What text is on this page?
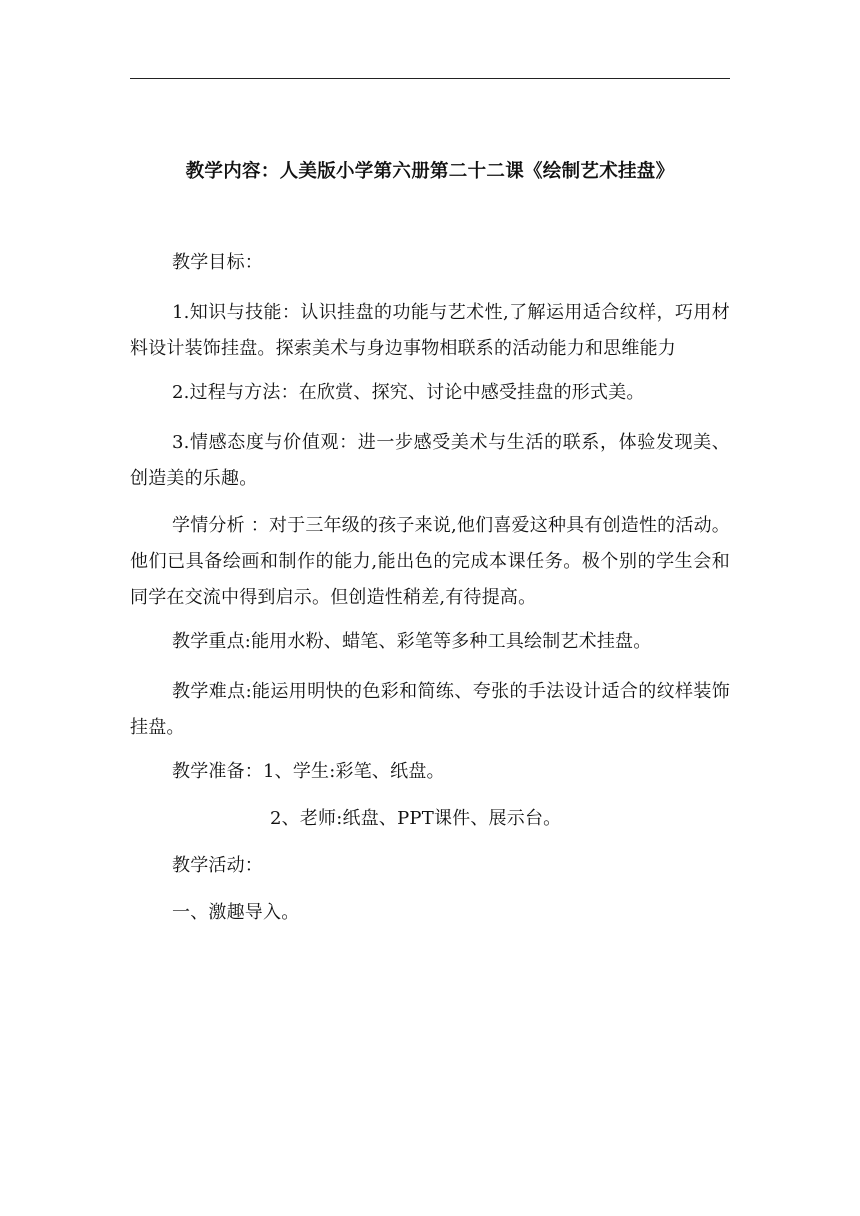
教学内容：人美版小学第六册第二十二课《绘制艺术挂盘》

教学目标：

1.知识与技能：认识挂盘的功能与艺术性,了解运用适合纹样，巧用材料设计装饰挂盘。探索美术与身边事物相联系的活动能力和思维能力

2.过程与方法：在欣赏、探究、讨论中感受挂盘的形式美。

3.情感态度与价值观：进一步感受美术与生活的联系，体验发现美、创造美的乐趣。

学情分析 ：对于三年级的孩子来说,他们喜爱这种具有创造性的活动。他们已具备绘画和制作的能力,能出色的完成本课任务。极个别的学生会和同学在交流中得到启示。但创造性稍差,有待提高。

教学重点:能用水粉、蜡笔、彩笔等多种工具绘制艺术挂盘。

教学难点:能运用明快的色彩和简练、夸张的手法设计适合的纹样装饰挂盘。

教学准备：1、学生:彩笔、纸盘。

2、老师:纸盘、PPT课件、展示台。

教学活动：

一、激趣导入。
